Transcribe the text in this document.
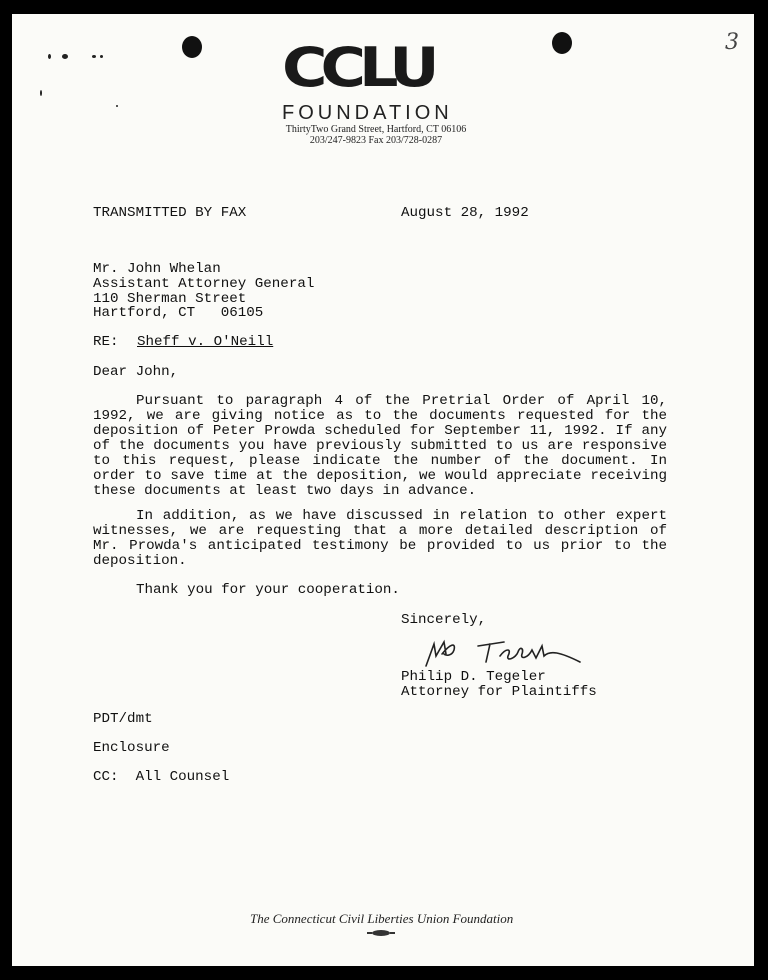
3
CCLU
FOUNDATION
ThirtyTwo Grand Street, Hartford, CT 06106
203/247-9823 Fax 203/728-0287
TRANSMITTED BY FAX	August 28, 1992
Mr. John Whelan
Assistant Attorney General
110 Sherman Street
Hartford, CT   06105
RE: Sheff v. O'Neill
Dear John,
Pursuant to paragraph 4 of the Pretrial Order of April 10, 1992, we are giving notice as to the documents requested for the deposition of Peter Prowda scheduled for September 11, 1992. If any of the documents you have previously submitted to us are responsive to this request, please indicate the number of the document. In order to save time at the deposition, we would appreciate receiving these documents at least two days in advance.
In addition, as we have discussed in relation to other expert witnesses, we are requesting that a more detailed description of Mr. Prowda's anticipated testimony be provided to us prior to the deposition.
Thank you for your cooperation.
Sincerely,
Philip D. Tegeler
Attorney for Plaintiffs
PDT/dmt
Enclosure
CC:  All Counsel
The Connecticut Civil Liberties Union Foundation
